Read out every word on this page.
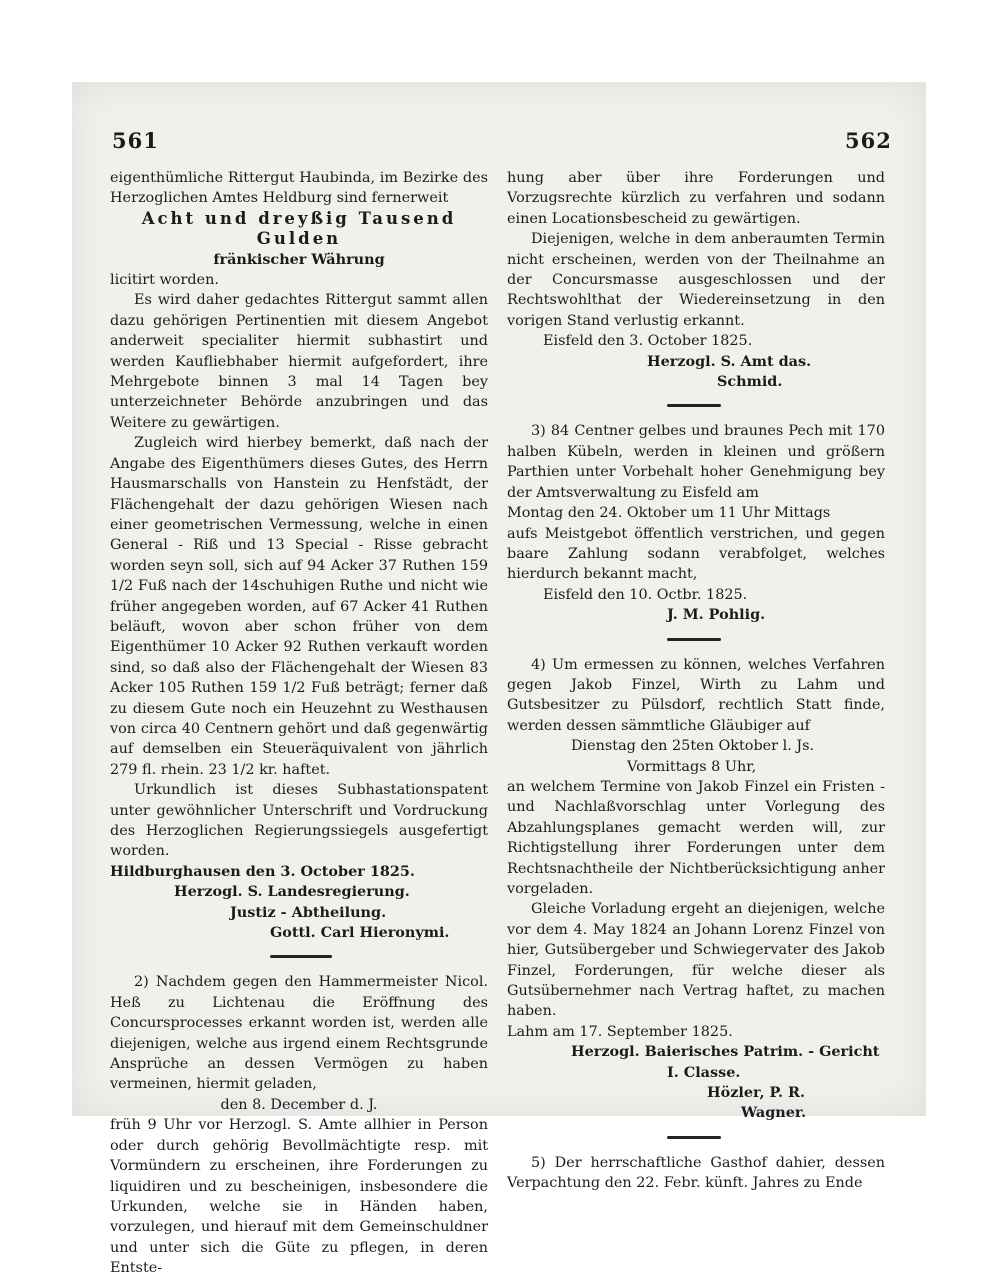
561	562

eigenthümliche Rittergut Haubinda, im Bezirke des Herzoglichen Amtes Heldburg sind fernerweit

Acht und dreyßig Tausend Gulden

fränkischer Währung

licitirt worden.

Es wird daher gedachtes Rittergut sammt allen dazu gehörigen Pertinentien mit diesem Angebot anderweit specialiter hiermit subhastirt und werden Kaufliebhaber hiermit aufgefordert, ihre Mehrgebote binnen 3 mal 14 Tagen bey unterzeichneter Behörde anzubringen und das Weitere zu gewärtigen.

Zugleich wird hierbey bemerkt, daß nach der Angabe des Eigenthümers dieses Gutes, des Herrn Hausmarschalls von Hanstein zu Henfstädt, der Flächengehalt der dazu gehörigen Wiesen nach einer geometrischen Vermessung, welche in einen General - Riß und 13 Special - Risse gebracht worden seyn soll, sich auf 94 Acker 37 Ruthen 159 1/2 Fuß nach der 14schuhigen Ruthe und nicht wie früher angegeben worden, auf 67 Acker 41 Ruthen beläuft, wovon aber schon früher von dem Eigenthümer 10 Acker 92 Ruthen verkauft worden sind, so daß also der Flächengehalt der Wiesen 83 Acker 105 Ruthen 159 1/2 Fuß beträgt; ferner daß zu diesem Gute noch ein Heuzehnt zu Westhausen von circa 40 Centnern gehört und daß gegenwärtig auf demselben ein Steueräquivalent von jährlich 279 fl. rhein. 23 1/2 kr. haftet.

Urkundlich ist dieses Subhastationspatent unter gewöhnlicher Unterschrift und Vordruckung des Herzoglichen Regierungssiegels ausgefertigt worden.

Hildburghausen den 3. October 1825.

Herzogl. S. Landesregierung.

Justiz - Abtheilung.

Gottl. Carl Hieronymi.

2) Nachdem gegen den Hammermeister Nicol. Heß zu Lichtenau die Eröffnung des Concursprocesses erkannt worden ist, werden alle diejenigen, welche aus irgend einem Rechtsgrunde Ansprüche an dessen Vermögen zu haben vermeinen, hiermit geladen,

den 8. December d. J.

früh 9 Uhr vor Herzogl. S. Amte allhier in Person oder durch gehörig Bevollmächtigte resp. mit Vormündern zu erscheinen, ihre Forderungen zu liquidiren und zu bescheinigen, insbesondere die Urkunden, welche sie in Händen haben, vorzulegen, und hierauf mit dem Gemeinschuldner und unter sich die Güte zu pflegen, in deren Entste-

hung aber über ihre Forderungen und Vorzugsrechte kürzlich zu verfahren und sodann einen Locationsbescheid zu gewärtigen.

Diejenigen, welche in dem anberaumten Termin nicht erscheinen, werden von der Theilnahme an der Concursmasse ausgeschlossen und der Rechtswohlthat der Wiedereinsetzung in den vorigen Stand verlustig erkannt.

Eisfeld den 3. October 1825.

Herzogl. S. Amt das.

Schmid.

3) 84 Centner gelbes und braunes Pech mit 170 halben Kübeln, werden in kleinen und größern Parthien unter Vorbehalt hoher Genehmigung bey der Amtsverwaltung zu Eisfeld am

Montag den 24. Oktober um 11 Uhr Mittags

aufs Meistgebot öffentlich verstrichen, und gegen baare Zahlung sodann verabfolget, welches hierdurch bekannt macht,

Eisfeld den 10. Octbr. 1825.

J. M. Pohlig.

4) Um ermessen zu können, welches Verfahren gegen Jakob Finzel, Wirth zu Lahm und Gutsbesitzer zu Pülsdorf, rechtlich Statt finde, werden dessen sämmtliche Gläubiger auf

Dienstag den 25ten Oktober l. Js.

Vormittags 8 Uhr,

an welchem Termine von Jakob Finzel ein Fristen - und Nachlaßvorschlag unter Vorlegung des Abzahlungsplanes gemacht werden will, zur Richtigstellung ihrer Forderungen unter dem Rechtsnachtheile der Nichtberücksichtigung anher vorgeladen.

Gleiche Vorladung ergeht an diejenigen, welche vor dem 4. May 1824 an Johann Lorenz Finzel von hier, Gutsübergeber und Schwiegervater des Jakob Finzel, Forderungen, für welche dieser als Gutsübernehmer nach Vertrag haftet, zu machen haben.

Lahm am 17. September 1825.

Herzogl. Baierisches Patrim. - Gericht

I. Classe.

Hözler, P. R.

Wagner.

5) Der herrschaftliche Gasthof dahier, dessen Verpachtung den 22. Febr. künft. Jahres zu Ende
